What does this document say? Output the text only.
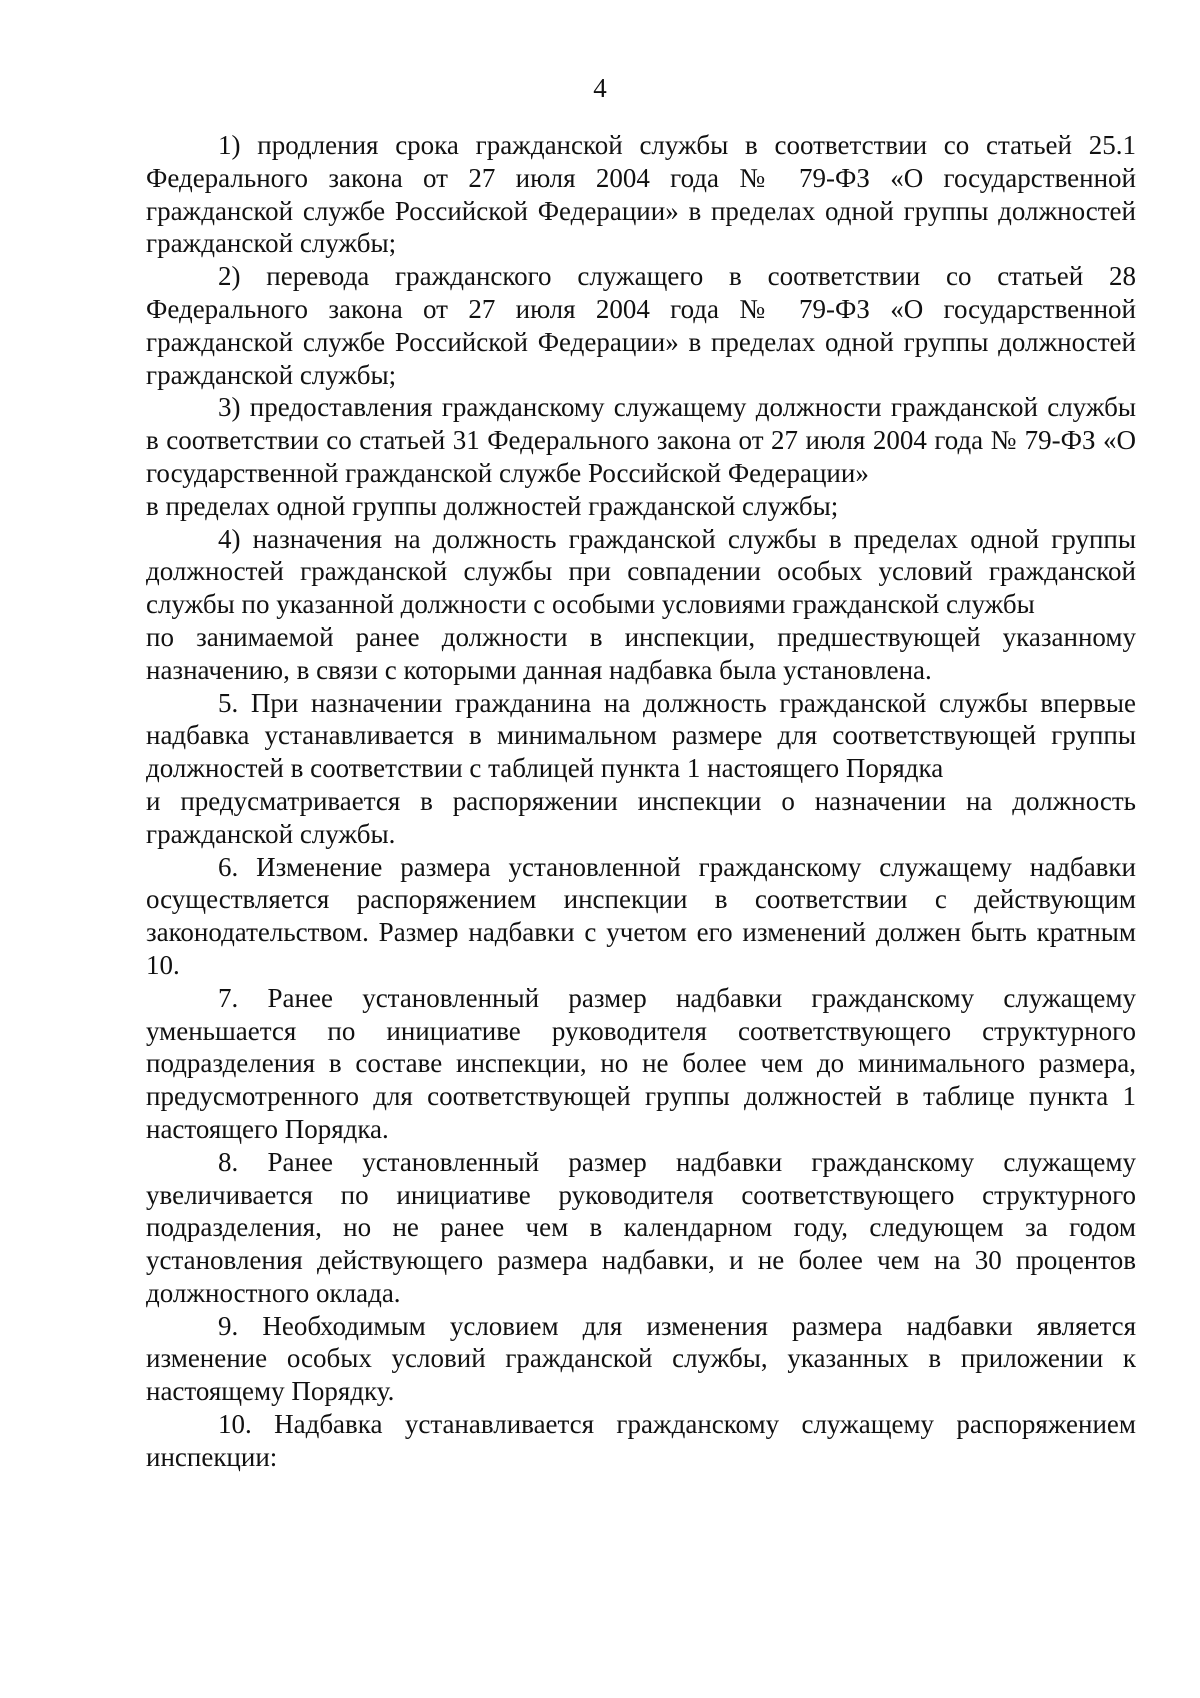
4

1) продления срока гражданской службы в соответствии со статьей 25.1 Федерального закона от 27 июля 2004 года № 79-ФЗ «О государственной гражданской службе Российской Федерации» в пределах одной группы должностей гражданской службы;

2) перевода гражданского служащего в соответствии со статьей 28 Федерального закона от 27 июля 2004 года № 79-ФЗ «О государственной гражданской службе Российской Федерации» в пределах одной группы должностей гражданской службы;

3) предоставления гражданскому служащему должности гражданской службы в соответствии со статьей 31 Федерального закона от 27 июля 2004 года № 79-ФЗ «О государственной гражданской службе Российской Федерации»

в пределах одной группы должностей гражданской службы;

4) назначения на должность гражданской службы в пределах одной группы должностей гражданской службы при совпадении особых условий гражданской службы по указанной должности с особыми условиями гражданской службы

по занимаемой ранее должности в инспекции, предшествующей указанному назначению, в связи с которыми данная надбавка была установлена.

5. При назначении гражданина на должность гражданской службы впервые надбавка устанавливается в минимальном размере для соответствующей группы должностей в соответствии с таблицей пункта 1 настоящего Порядка

и предусматривается в распоряжении инспекции о назначении на должность гражданской службы.

6. Изменение размера установленной гражданскому служащему надбавки осуществляется распоряжением инспекции в соответствии с действующим законодательством. Размер надбавки с учетом его изменений должен быть кратным 10.

7. Ранее установленный размер надбавки гражданскому служащему уменьшается по инициативе руководителя соответствующего структурного подразделения в составе инспекции, но не более чем до минимального размера, предусмотренного для соответствующей группы должностей в таблице пункта 1 настоящего Порядка.

8. Ранее установленный размер надбавки гражданскому служащему увеличивается по инициативе руководителя соответствующего структурного подразделения, но не ранее чем в календарном году, следующем за годом установления действующего размера надбавки, и не более чем на 30 процентов должностного оклада.

9. Необходимым условием для изменения размера надбавки является изменение особых условий гражданской службы, указанных в приложении к настоящему Порядку.

10. Надбавка устанавливается гражданскому служащему распоряжением инспекции:
